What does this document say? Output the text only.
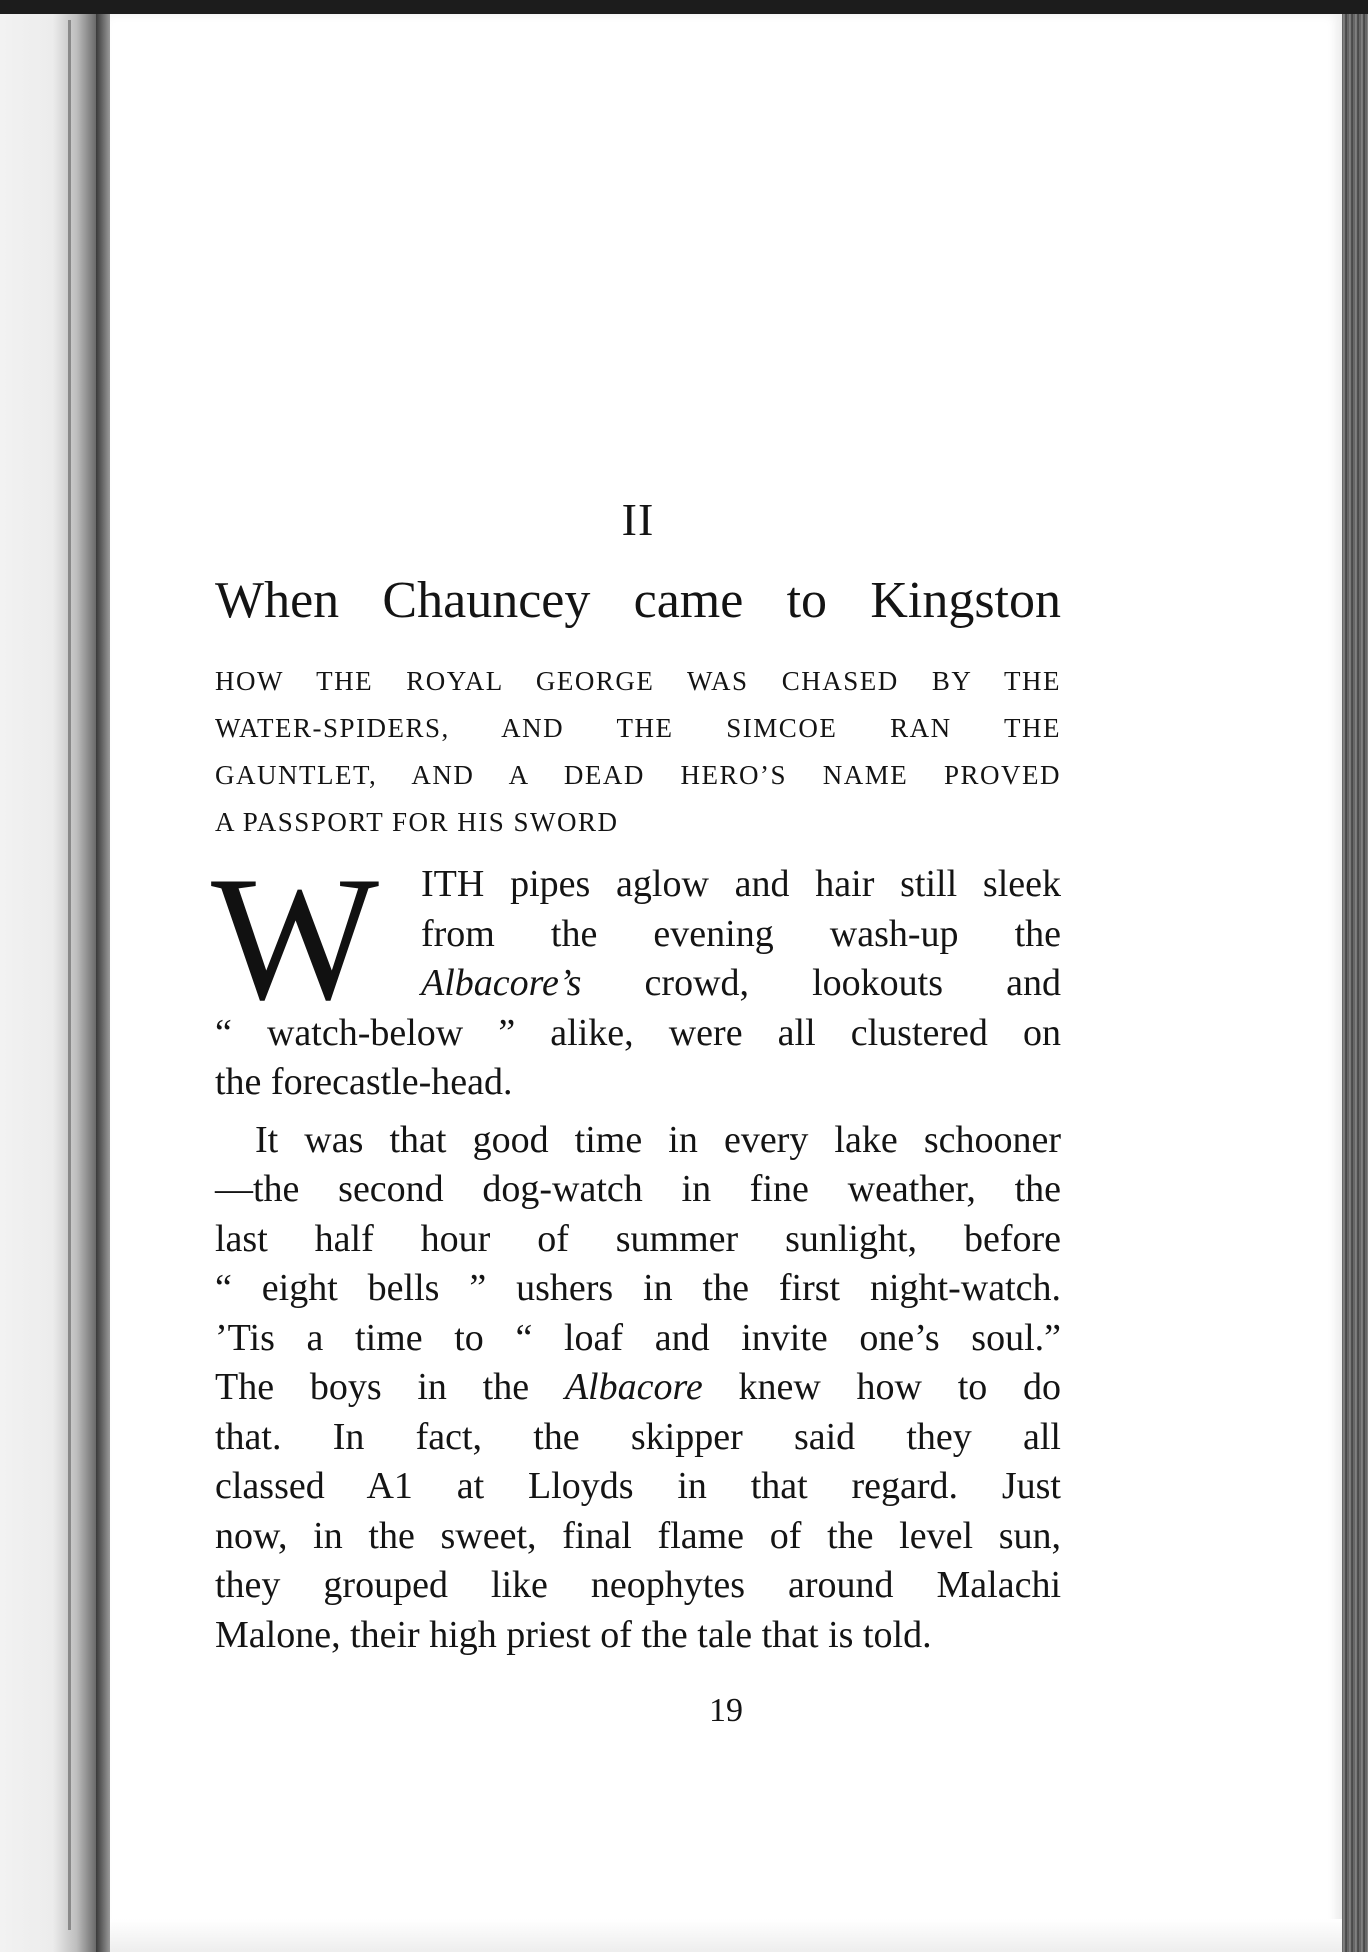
19
II
When Chauncey came to Kingston
HOW THE ROYAL GEORGE WAS CHASED BY THE
WATER-SPIDERS, AND THE SIMCOE RAN THE
GAUNTLET, AND A DEAD HERO’S NAME PROVED
A PASSPORT FOR HIS SWORD
W ITH pipes aglow and hair still sleek
from the evening wash-up the
Albacore’s crowd, lookouts and
“ watch-below ” alike, were all clustered on
the forecastle-head.
It was that good time in every lake schooner
—the second dog-watch in fine weather, the
last half hour of summer sunlight, before
“ eight bells ” ushers in the first night-watch.
’Tis a time to “ loaf and invite one’s soul.”
The boys in the Albacore knew how to do
that. In fact, the skipper said they all
classed A1 at Lloyds in that regard. Just
now, in the sweet, final flame of the level sun,
they grouped like neophytes around Malachi
Malone, their high priest of the tale that is told.
